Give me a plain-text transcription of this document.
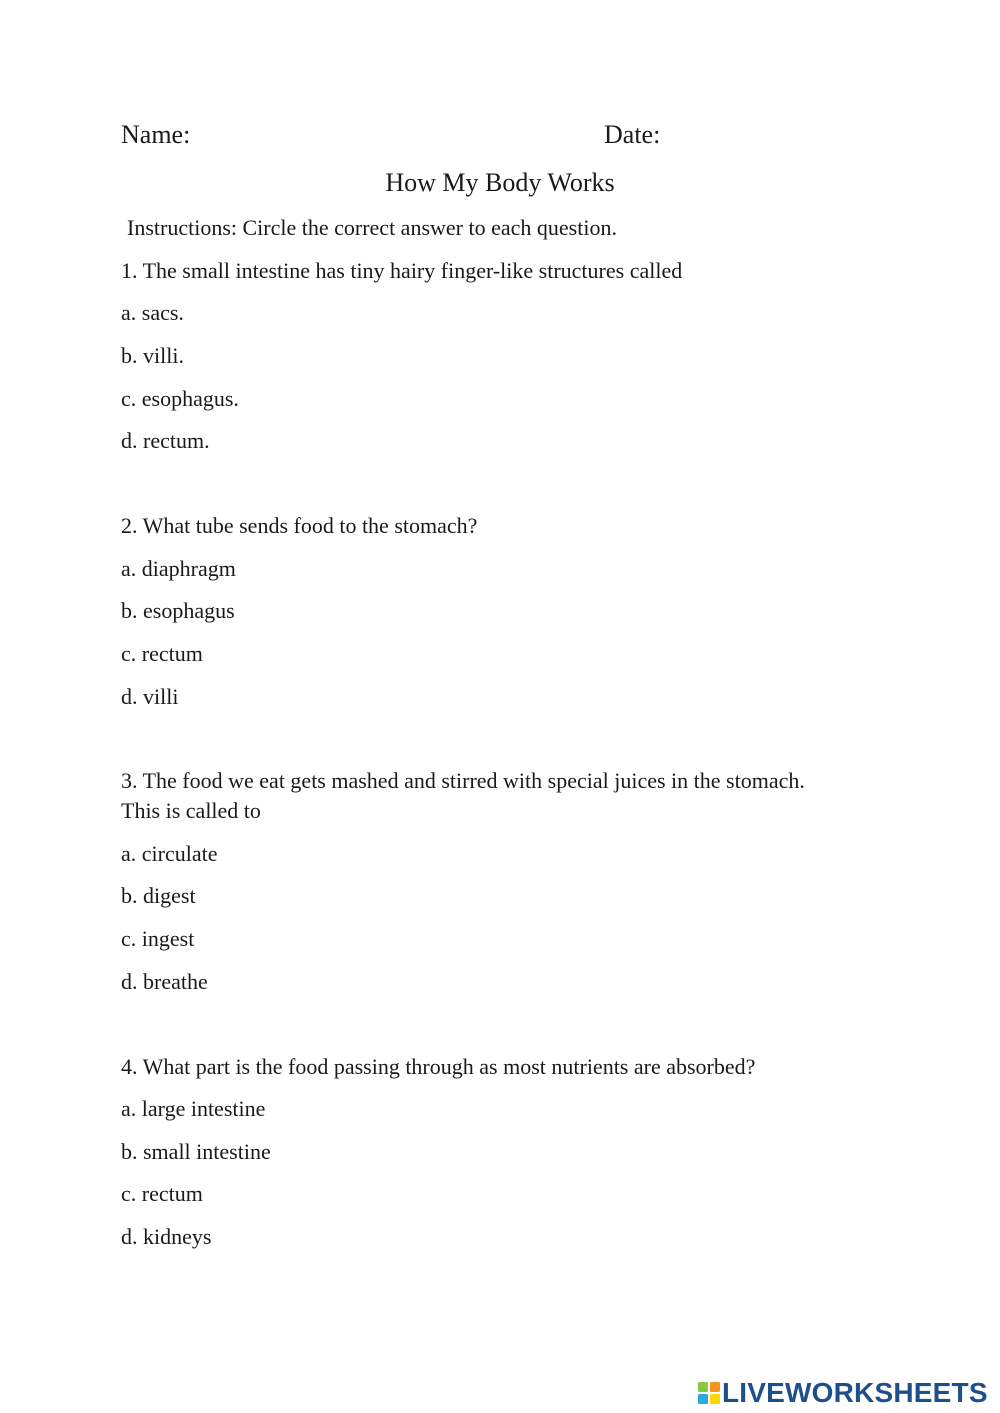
Name:	Date:
How My Body Works
Instructions: Circle the correct answer to each question.
1. The small intestine has tiny hairy finger-like structures called
a. sacs.
b. villi.
c. esophagus.
d. rectum.
2. What tube sends food to the stomach?
a. diaphragm
b. esophagus
c. rectum
d. villi
3. The food we eat gets mashed and stirred with special juices in the stomach.
This is called to
a. circulate
b. digest
c. ingest
d. breathe
4. What part is the food passing through as most nutrients are absorbed?
a. large intestine
b. small intestine
c. rectum
d. kidneys
LIVEWORKSHEETS
